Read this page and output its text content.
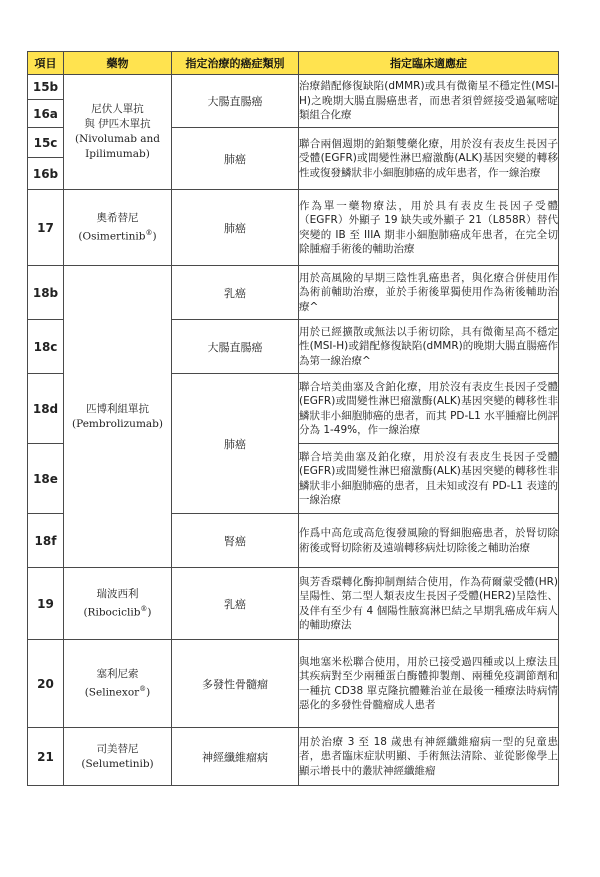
項目	藥物	指定治療的癌症類別	指定臨床適應症
15b	尼伏人單抗
與 伊匹木單抗
(Nivolumab and
Ipilimumab)	大腸直腸癌	治療錯配修復缺陷(dMMR)或具有微衛星不穩定性(MSI-H)之晚期大腸直腸癌患者，而患者須曾經接受過氟嘧啶類組合化療
16a			
15c		肺癌	聯合兩個週期的鉑類雙藥化療，用於沒有表皮生長因子受體(EGFR)或間變性淋巴瘤激酶(ALK)基因突變的轉移性或復發鱗狀非小細胞肺癌的成年患者，作一線治療
16b			
17	奧希替尼
(Osimertinib®)	肺癌	作為單一藥物療法，用於具有表皮生長因子受體（EGFR）外顯子 19 缺失或外顯子 21（L858R）替代突變的 IB 至 IIIA 期非小細胞肺癌成年患者，在完全切除腫瘤手術後的輔助治療
18b	匹博利組單抗
(Pembrolizumab)	乳癌	用於高風險的早期三陰性乳癌患者，與化療合併使用作為術前輔助治療，並於手術後單獨使用作為術後輔助治療^
18c		大腸直腸癌	用於已經擴散或無法以手術切除，具有微衛星高不穩定性(MSI-H)或錯配修復缺陷(dMMR)的晚期大腸直腸癌作為第一線治療^
18d		肺癌	聯合培美曲塞及含鉑化療，用於沒有表皮生長因子受體(EGFR)或間變性淋巴瘤激酶(ALK)基因突變的轉移性非鱗狀非小細胞肺癌的患者，而其 PD-L1 水平腫瘤比例評分為 1-49%，作一線治療
18e			聯合培美曲塞及鉑化療，用於沒有表皮生長因子受體(EGFR)或間變性淋巴瘤激酶(ALK)基因突變的轉移性非鱗狀非小細胞肺癌的患者，且未知或沒有 PD-L1 表達的一線治療
18f		腎癌	作爲中高危或高危復發風險的腎細胞癌患者，於腎切除術後或腎切除術及遠端轉移病灶切除後之輔助治療
19	瑞波西利
(Ribociclib®)	乳癌	與芳香環轉化酶抑制劑結合使用，作為荷爾蒙受體(HR)呈陽性、第二型人類表皮生長因子受體(HER2)呈陰性、及伴有至少有 4 個陽性腋窩淋巴結之早期乳癌成年病人的輔助療法
20	塞利尼索
(Selinexor®)	多發性骨髓瘤	與地塞米松聯合使用，用於已接受過四種或以上療法且其疾病對至少兩種蛋白酶體抑製劑、兩種免疫調節劑和一種抗 CD38 單克隆抗體難治並在最後一種療法時病情惡化的多發性骨髓瘤成人患者
21	司美替尼
(Selumetinib)	神經纖維瘤病	用於治療 3 至 18 歲患有神經纖維瘤病一型的兒童患者，患者臨床症狀明顯、手術無法清除、並從影像學上顯示增長中的叢狀神經纖維瘤
